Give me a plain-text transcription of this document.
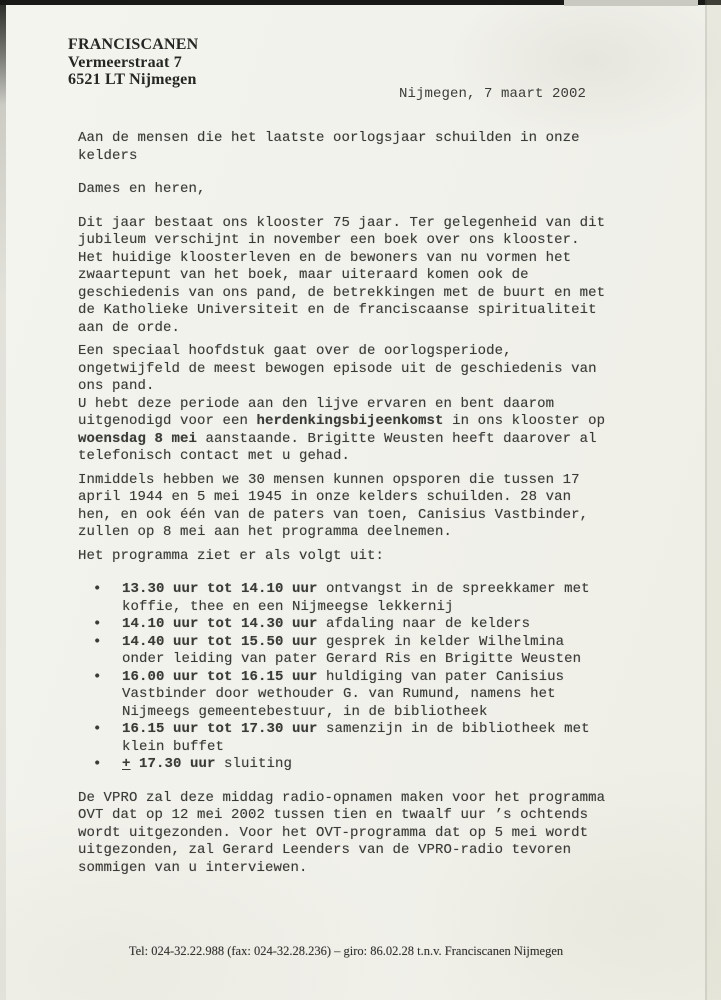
FRANCISCANEN
Vermeerstraat 7
6521 LT Nijmegen
Nijmegen, 7 maart 2002
Aan de mensen die het laatste oorlogsjaar schuilden in onze
kelders
Dames en heren,
Dit jaar bestaat ons klooster 75 jaar. Ter gelegenheid van dit
jubileum verschijnt in november een boek over ons klooster.
Het huidige kloosterleven en de bewoners van nu vormen het
zwaartepunt van het boek, maar uiteraard komen ook de
geschiedenis van ons pand, de betrekkingen met de buurt en met
de Katholieke Universiteit en de franciscaanse spiritualiteit
aan de orde.
Een speciaal hoofdstuk gaat over de oorlogsperiode,
ongetwijfeld de meest bewogen episode uit de geschiedenis van
ons pand.
U hebt deze periode aan den lijve ervaren en bent daarom
uitgenodigd voor een herdenkingsbijeenkomst in ons klooster op
woensdag 8 mei aanstaande. Brigitte Weusten heeft daarover al
telefonisch contact met u gehad.
Inmiddels hebben we 30 mensen kunnen opsporen die tussen 17
april 1944 en 5 mei 1945 in onze kelders schuilden. 28 van
hen, en ook één van de paters van toen, Canisius Vastbinder,
zullen op 8 mei aan het programma deelnemen.
Het programma ziet er als volgt uit:
•	13.30 uur tot 14.10 uur ontvangst in de spreekkamer met
koffie, thee en een Nijmeegse lekkernij
•	14.10 uur tot 14.30 uur afdaling naar de kelders
•	14.40 uur tot 15.50 uur gesprek in kelder Wilhelmina
onder leiding van pater Gerard Ris en Brigitte Weusten
•	16.00 uur tot 16.15 uur huldiging van pater Canisius
Vastbinder door wethouder G. van Rumund, namens het
Nijmeegs gemeentebestuur, in de bibliotheek
•	16.15 uur tot 17.30 uur samenzijn in de bibliotheek met
klein buffet
•	+ 17.30 uur sluiting
De VPRO zal deze middag radio-opnamen maken voor het programma
OVT dat op 12 mei 2002 tussen tien en twaalf uur ’s ochtends
wordt uitgezonden. Voor het OVT-programma dat op 5 mei wordt
uitgezonden, zal Gerard Leenders van de VPRO-radio tevoren
sommigen van u interviewen.
Tel: 024-32.22.988 (fax: 024-32.28.236) – giro: 86.02.28 t.n.v. Franciscanen Nijmegen
